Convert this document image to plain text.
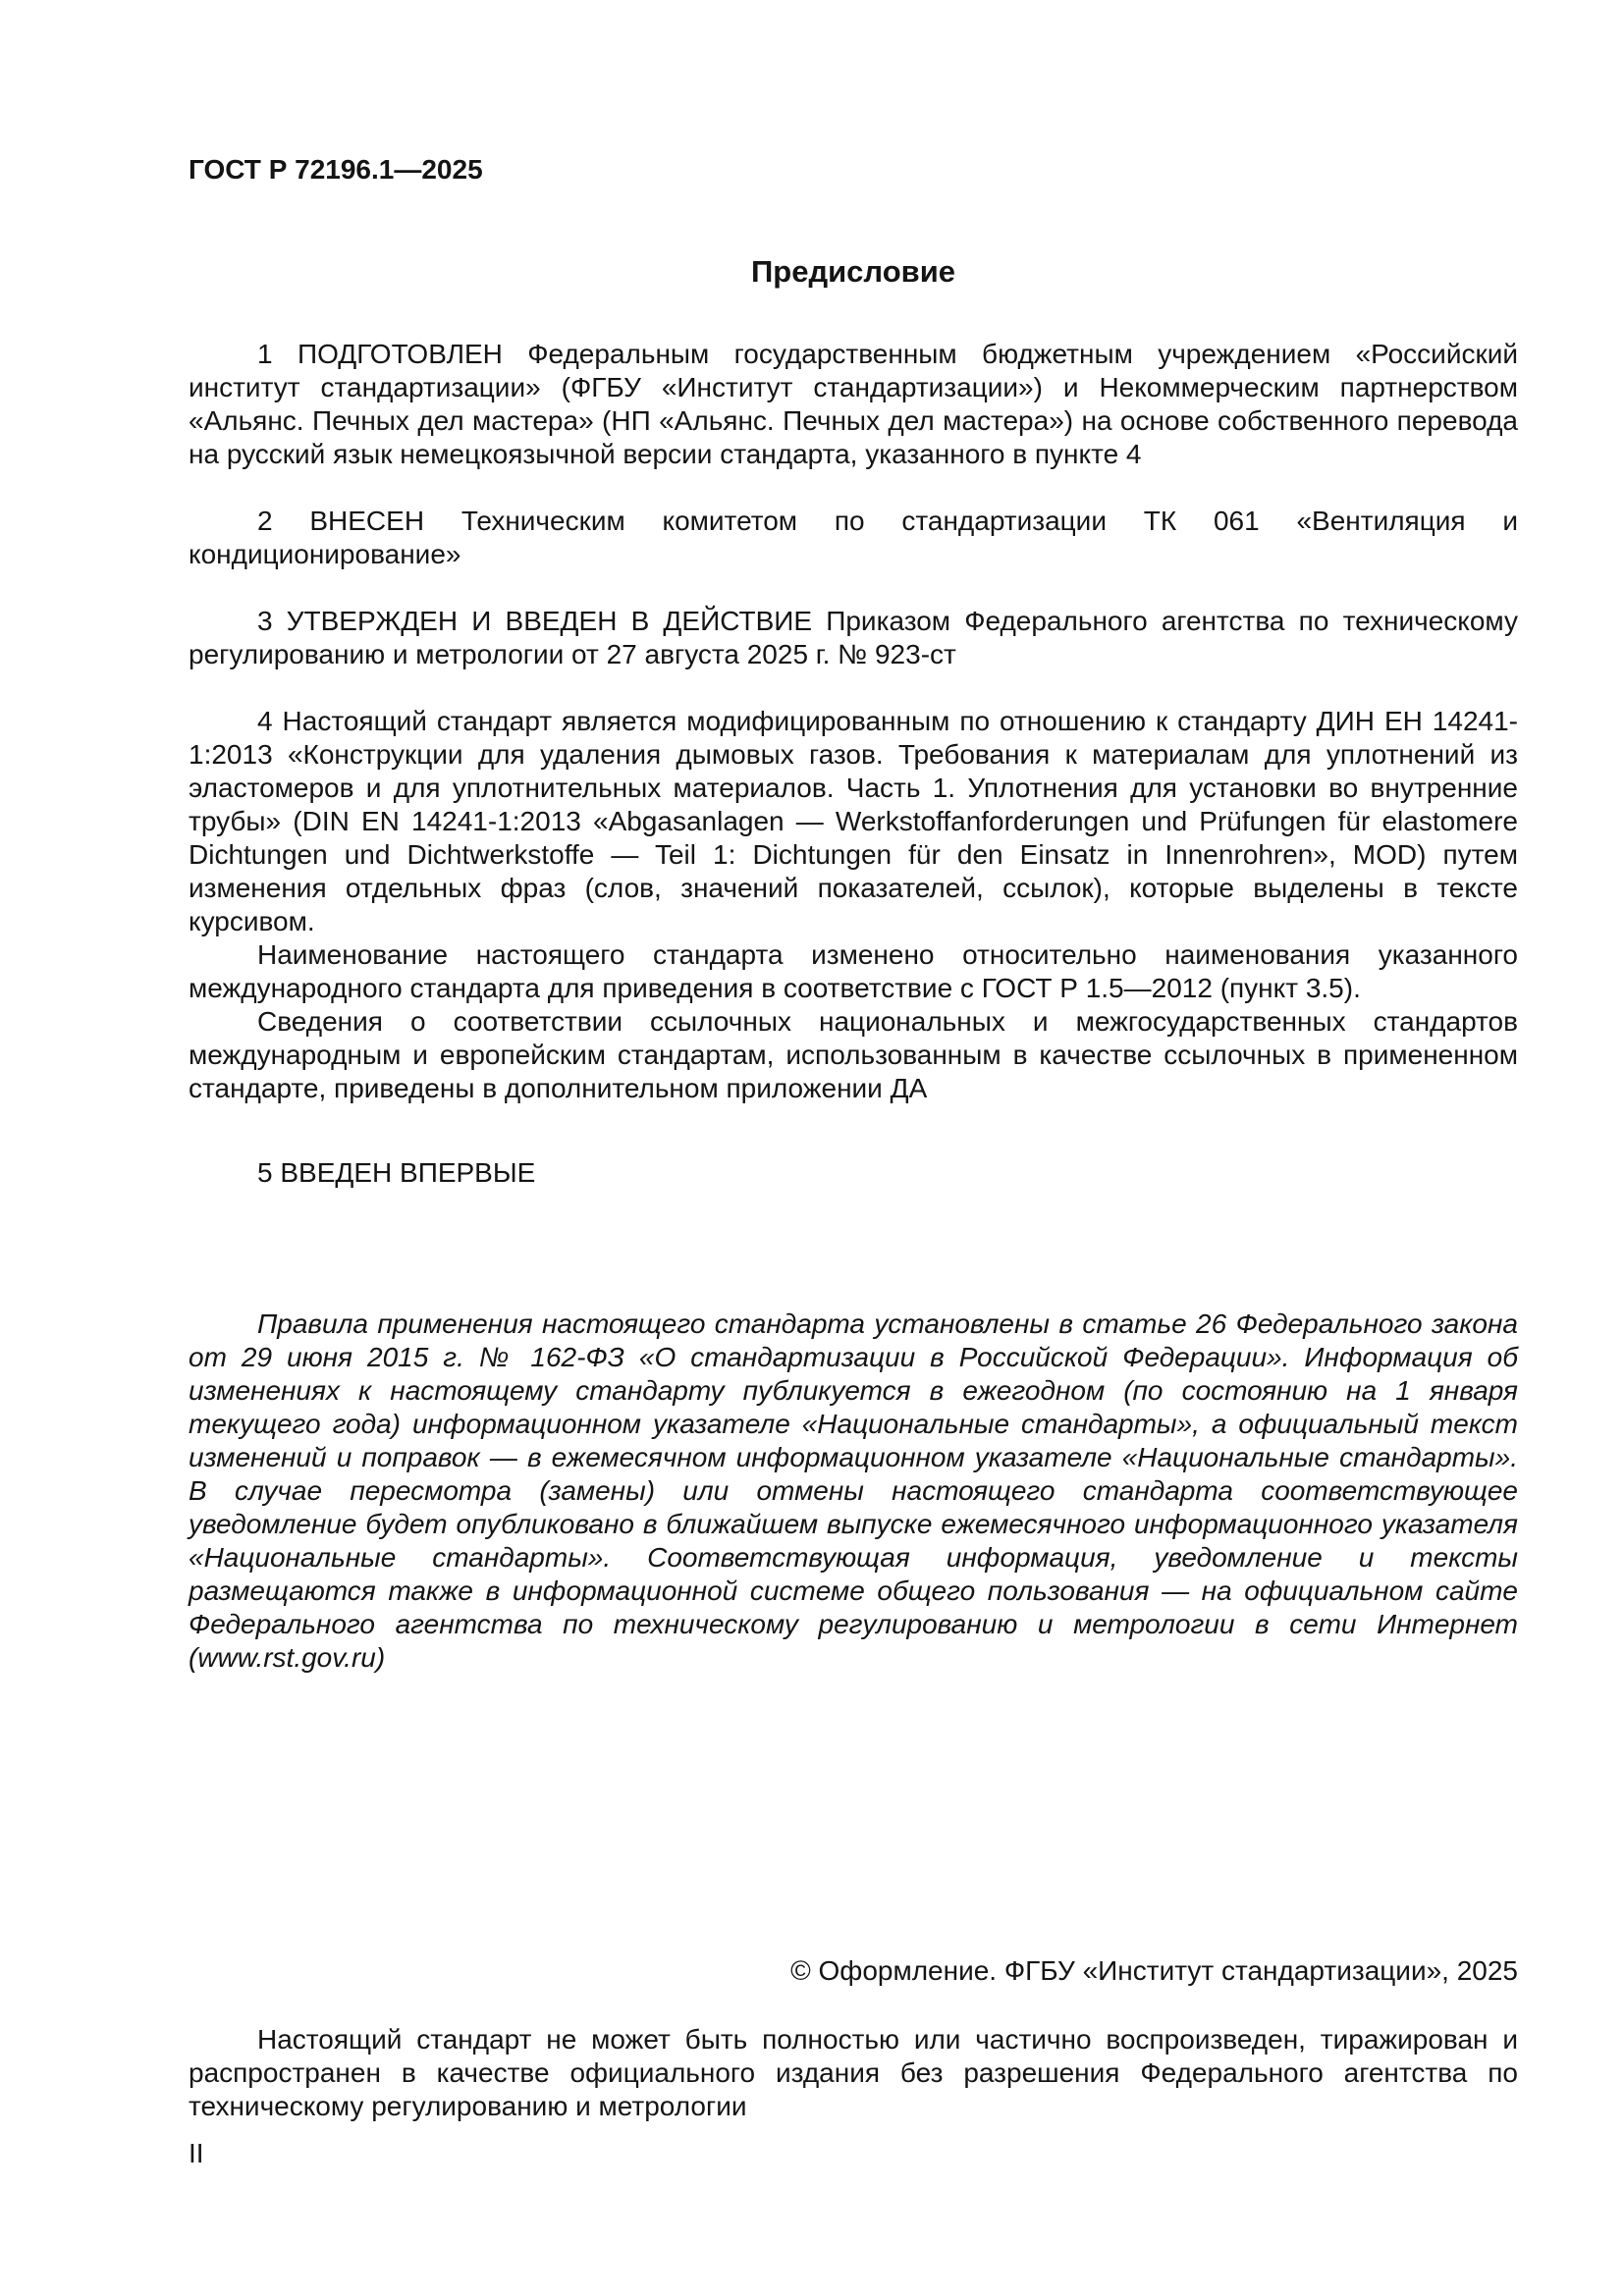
ГОСТ Р 72196.1—2025
Предисловие

1 ПОДГОТОВЛЕН Федеральным государственным бюджетным учреждением «Российский институт стандартизации» (ФГБУ «Институт стандартизации») и Некоммерческим партнерством «Альянс. Печных дел мастера» (НП «Альянс. Печных дел мастера») на основе собственного перевода на русский язык немецкоязычной версии стандарта, указанного в пункте 4

2 ВНЕСЕН Техническим комитетом по стандартизации ТК 061 «Вентиляция и кондиционирование»

3 УТВЕРЖДЕН И ВВЕДЕН В ДЕЙСТВИЕ Приказом Федерального агентства по техническому регулированию и метрологии от 27 августа 2025 г. № 923-ст

4 Настоящий стандарт является модифицированным по отношению к стандарту ДИН ЕН 14241-1:2013 «Конструкции для удаления дымовых газов. Требования к материалам для уплотнений из эластомеров и для уплотнительных материалов. Часть 1. Уплотнения для установки во внутренние трубы» (DIN EN 14241-1:2013 «Abgasanlagen — Werkstoffanforderungen und Prüfungen für elastomere Dichtungen und Dichtwerkstoffe — Teil 1: Dichtungen für den Einsatz in Innenrohren», MOD) путем изменения отдельных фраз (слов, значений показателей, ссылок), которые выделены в тексте курсивом.

Наименование настоящего стандарта изменено относительно наименования указанного международного стандарта для приведения в соответствие с ГОСТ Р 1.5—2012 (пункт 3.5).

Сведения о соответствии ссылочных национальных и межгосударственных стандартов международным и европейским стандартам, использованным в качестве ссылочных в примененном стандарте, приведены в дополнительном приложении ДА

5 ВВЕДЕН ВПЕРВЫЕ

Правила применения настоящего стандарта установлены в статье 26 Федерального закона от 29 июня 2015 г. № 162-ФЗ «О стандартизации в Российской Федерации». Информация об изменениях к настоящему стандарту публикуется в ежегодном (по состоянию на 1 января текущего года) информационном указателе «Национальные стандарты», а официальный текст изменений и поправок — в ежемесячном информационном указателе «Национальные стандарты». В случае пересмотра (замены) или отмены настоящего стандарта соответствующее уведомление будет опубликовано в ближайшем выпуске ежемесячного информационного указателя «Национальные стандарты». Соответствующая информация, уведомление и тексты размещаются также в информационной системе общего пользования — на официальном сайте Федерального агентства по техническому регулированию и метрологии в сети Интернет (www.rst.gov.ru)

© Оформление. ФГБУ «Институт стандартизации», 2025

Настоящий стандарт не может быть полностью или частично воспроизведен, тиражирован и распространен в качестве официального издания без разрешения Федерального агентства по техническому регулированию и метрологии

II
